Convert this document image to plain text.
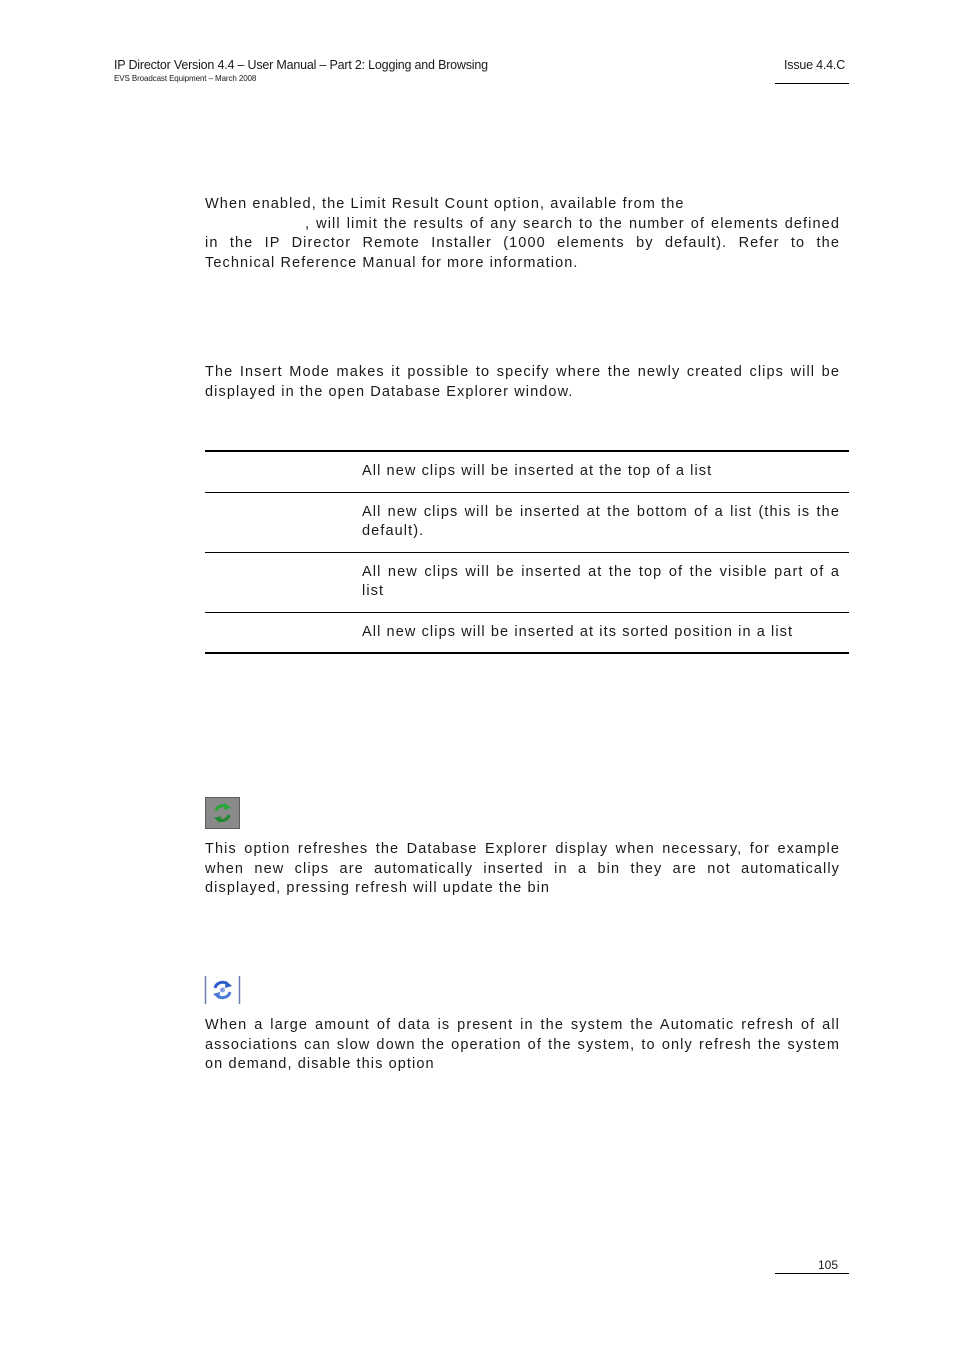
IP Director Version 4.4 – User Manual – Part 2: Logging and Browsing
EVS Broadcast Equipment – March 2008
Issue 4.4.C
When enabled, the Limit Result Count option, available from the
, will limit the results of any search to the number of elements defined in the IP Director Remote Installer (1000 elements by default). Refer to the Technical Reference Manual for more information.
The Insert Mode makes it possible to specify where the newly created clips will be displayed in the open Database Explorer window.
All new clips will be inserted at the top of a list
All new clips will be inserted at the bottom of a list (this is the default).
All new clips will be inserted at the top of the visible part of a list
All new clips will be inserted at its sorted position in a list
This option refreshes the Database Explorer display when necessary, for example when new clips are automatically inserted in a bin they are not automatically displayed, pressing refresh will update the bin
When a large amount of data is present in the system the Automatic refresh of all associations can slow down the operation of the system, to only refresh the system on demand, disable this option
105
